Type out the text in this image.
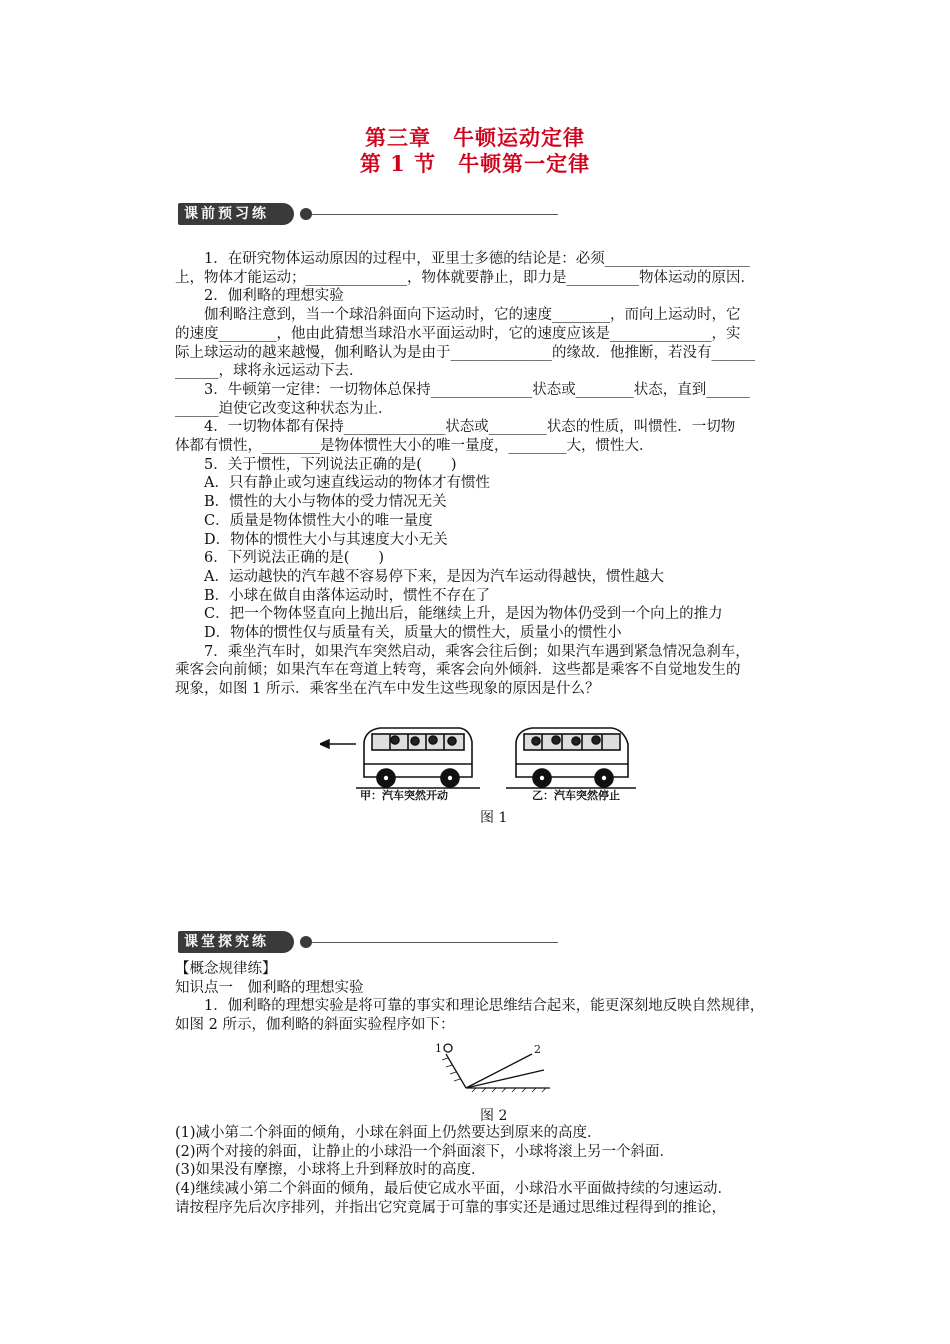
第三章　牛顿运动定律
第 1 节　牛顿第一定律
课前预习练
　　1．在研究物体运动原因的过程中，亚里士多德的结论是：必须____________________
上，物体才能运动；______________，物体就要静止，即力是__________物体运动的原因．
　　2．伽利略的理想实验
　　伽利略注意到，当一个球沿斜面向下运动时，它的速度________，而向上运动时，它
的速度________，他由此猜想当球沿水平面运动时，它的速度应该是______________，实
际上球运动的越来越慢，伽利略认为是由于______________的缘故．他推断，若没有______
______，球将永远运动下去．
　　3．牛顿第一定律：一切物体总保持______________状态或________状态，直到______
______迫使它改变这种状态为止．
　　4．一切物体都有保持______________状态或________状态的性质，叫惯性．一切物
体都有惯性，________是物体惯性大小的唯一量度，________大，惯性大．
　　5．关于惯性，下列说法正确的是(　　)
　　A．只有静止或匀速直线运动的物体才有惯性
　　B．惯性的大小与物体的受力情况无关
　　C．质量是物体惯性大小的唯一量度
　　D．物体的惯性大小与其速度大小无关
　　6．下列说法正确的是(　　)
　　A．运动越快的汽车越不容易停下来，是因为汽车运动得越快，惯性越大
　　B．小球在做自由落体运动时，惯性不存在了
　　C．把一个物体竖直向上抛出后，能继续上升，是因为物体仍受到一个向上的推力
　　D．物体的惯性仅与质量有关，质量大的惯性大，质量小的惯性小
　　7．乘坐汽车时，如果汽车突然启动，乘客会往后倒；如果汽车遇到紧急情况急刹车，
乘客会向前倾；如果汽车在弯道上转弯，乘客会向外倾斜．这些都是乘客不自觉地发生的
现象，如图 1 所示．乘客坐在汽车中发生这些现象的原因是什么？
甲：汽车突然开动	乙：汽车突然停止
图 1
课堂探究练
【概念规律练】
知识点一　伽利略的理想实验
　　1．伽利略的理想实验是将可靠的事实和理论思维结合起来，能更深刻地反映自然规律，
如图 2 所示，伽利略的斜面实验程序如下：
1	2
图 2
(1)减小第二个斜面的倾角，小球在斜面上仍然要达到原来的高度．
(2)两个对接的斜面，让静止的小球沿一个斜面滚下，小球将滚上另一个斜面．
(3)如果没有摩擦，小球将上升到释放时的高度．
(4)继续减小第二个斜面的倾角，最后使它成水平面，小球沿水平面做持续的匀速运动．
请按程序先后次序排列，并指出它究竟属于可靠的事实还是通过思维过程得到的推论，
